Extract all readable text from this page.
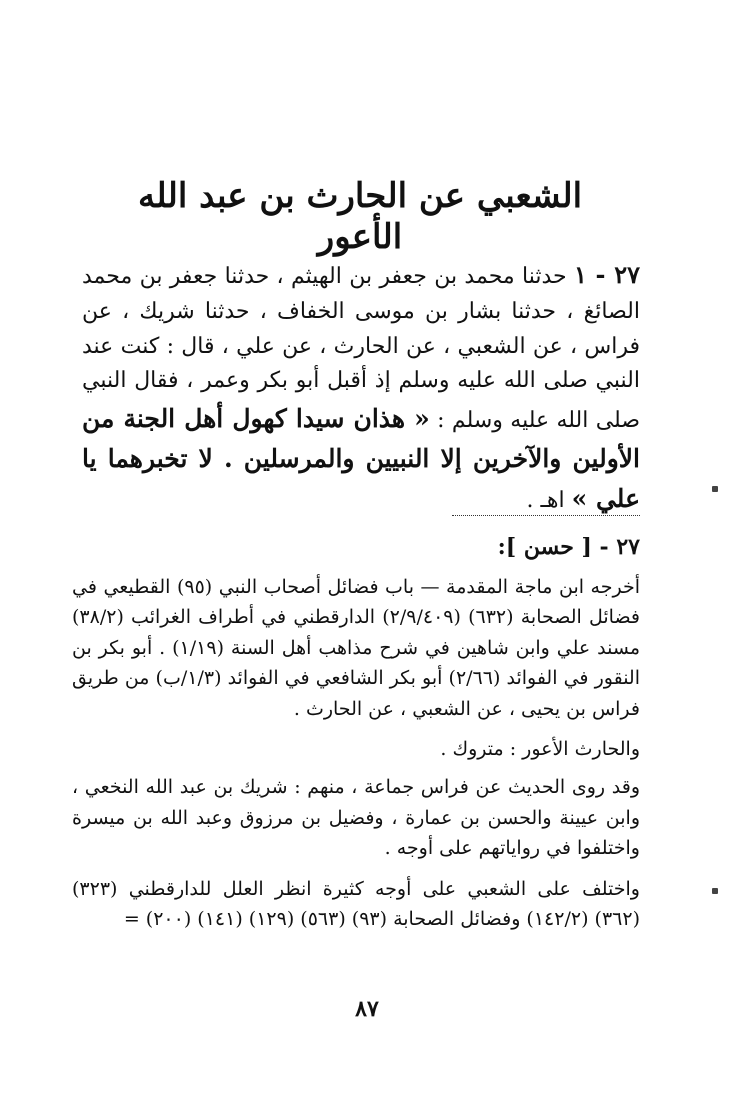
الشعبي عن الحارث بن عبد الله الأعور
٢٧ - ١ حدثنا محمد بن جعفر بن الهيثم ، حدثنا جعفر بن محمد الصائغ ، حدثنا بشار بن موسى الخفاف ، حدثنا شريك ، عن فراس ، عن الشعبي ، عن الحارث ، عن علي ، قال : كنت عند النبي صلى الله عليه وسلم إذ أقبل أبو بكر وعمر ، فقال النبي صلى الله عليه وسلم : « هذان سيدا كهول أهل الجنة من الأولين والآخرين إلا النبيين والمرسلين . لا تخبرهما يا علي » اهـ .
٢٧ - [ حسن ]:

أخرجه ابن ماجة المقدمة — باب فضائل أصحاب النبي (٩٥) القطيعي في فضائل الصحابة (٦٣٢) (٢/٩/٤٠٩) الدارقطني في أطراف الغرائب (٣٨/٢) مسند علي وابن شاهين في شرح مذاهب أهل السنة (١/١٩) . أبو بكر بن النقور في الفوائد (٢/٦٦) أبو بكر الشافعي في الفوائد (١/٣/ب) من طريق فراس بن يحيى ، عن الشعبي ، عن الحارث .

والحارث الأعور : متروك .

وقد روى الحديث عن فراس جماعة ، منهم : شريك بن عبد الله النخعي ، وابن عيينة والحسن بن عمارة ، وفضيل بن مرزوق وعبد الله بن ميسرة واختلفوا في رواياتهم على أوجه .

واختلف على الشعبي على أوجه كثيرة انظر العلل للدارقطني (٣٢٣) (٣٦٢) (١٤٢/٢) وفضائل الصحابة (٩٣) (٥٦٣) (١٢٩) (١٤١) (٢٠٠) =

٨٧
